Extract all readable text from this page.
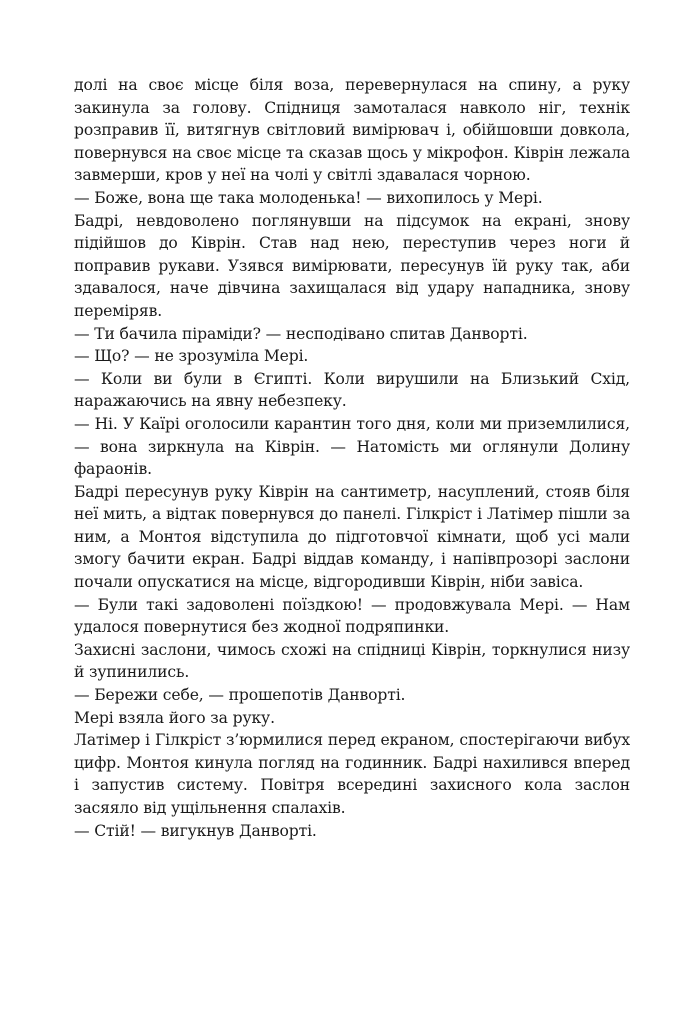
долі на своє місце біля воза, перевернулася на спину, а руку закинула за голову. Спідниця замоталася навколо ніг, технік розправив її, витягнув світловий вимірювач і, обійшовши довкола, повернувся на своє місце та сказав щось у мікрофон. Ківрін лежала завмерши, кров у неї на чолі у світлі здавалася чорною.

— Боже, вона ще така молоденька! — вихопилось у Мері.

Бадрі, невдоволено поглянувши на підсумок на екрані, знову підійшов до Ківрін. Став над нею, переступив через ноги й поправив рукави. Узявся вимірювати, пересунув їй руку так, аби здавалося, наче дівчина захищалася від удару нападника, знову переміряв.

— Ти бачила піраміди? — несподівано спитав Данворті.

— Що? — не зрозуміла Мері.

— Коли ви були в Єгипті. Коли вирушили на Близький Схід, наражаючись на явну небезпеку.

— Ні. У Каїрі оголосили карантин того дня, коли ми приземлилися, — вона зиркнула на Ківрін. — Натомість ми оглянули Долину фараонів.

Бадрі пересунув руку Ківрін на сантиметр, насуплений, стояв біля неї мить, а відтак повернувся до панелі. Гілкріст і Латімер пішли за ним, а Монтоя відступила до підготовчої кімнати, щоб усі мали змогу бачити екран. Бадрі віддав команду, і напівпрозорі заслони почали опускатися на місце, відгородивши Ківрін, ніби завіса.

— Були такі задоволені поїздкою! — продовжувала Мері. — Нам удалося повернутися без жодної подряпинки.

Захисні заслони, чимось схожі на спідниці Ківрін, торкнулися низу й зупинились.

— Бережи себе, — прошепотів Данворті.

Мері взяла його за руку.

Латімер і Гілкріст з’юрмилися перед екраном, спостерігаючи вибух цифр. Монтоя кинула погляд на годинник. Бадрі нахилився вперед і запустив систему. Повітря всередині захисного кола заслон засяяло від ущільнення спалахів.

— Стій! — вигукнув Данворті.
